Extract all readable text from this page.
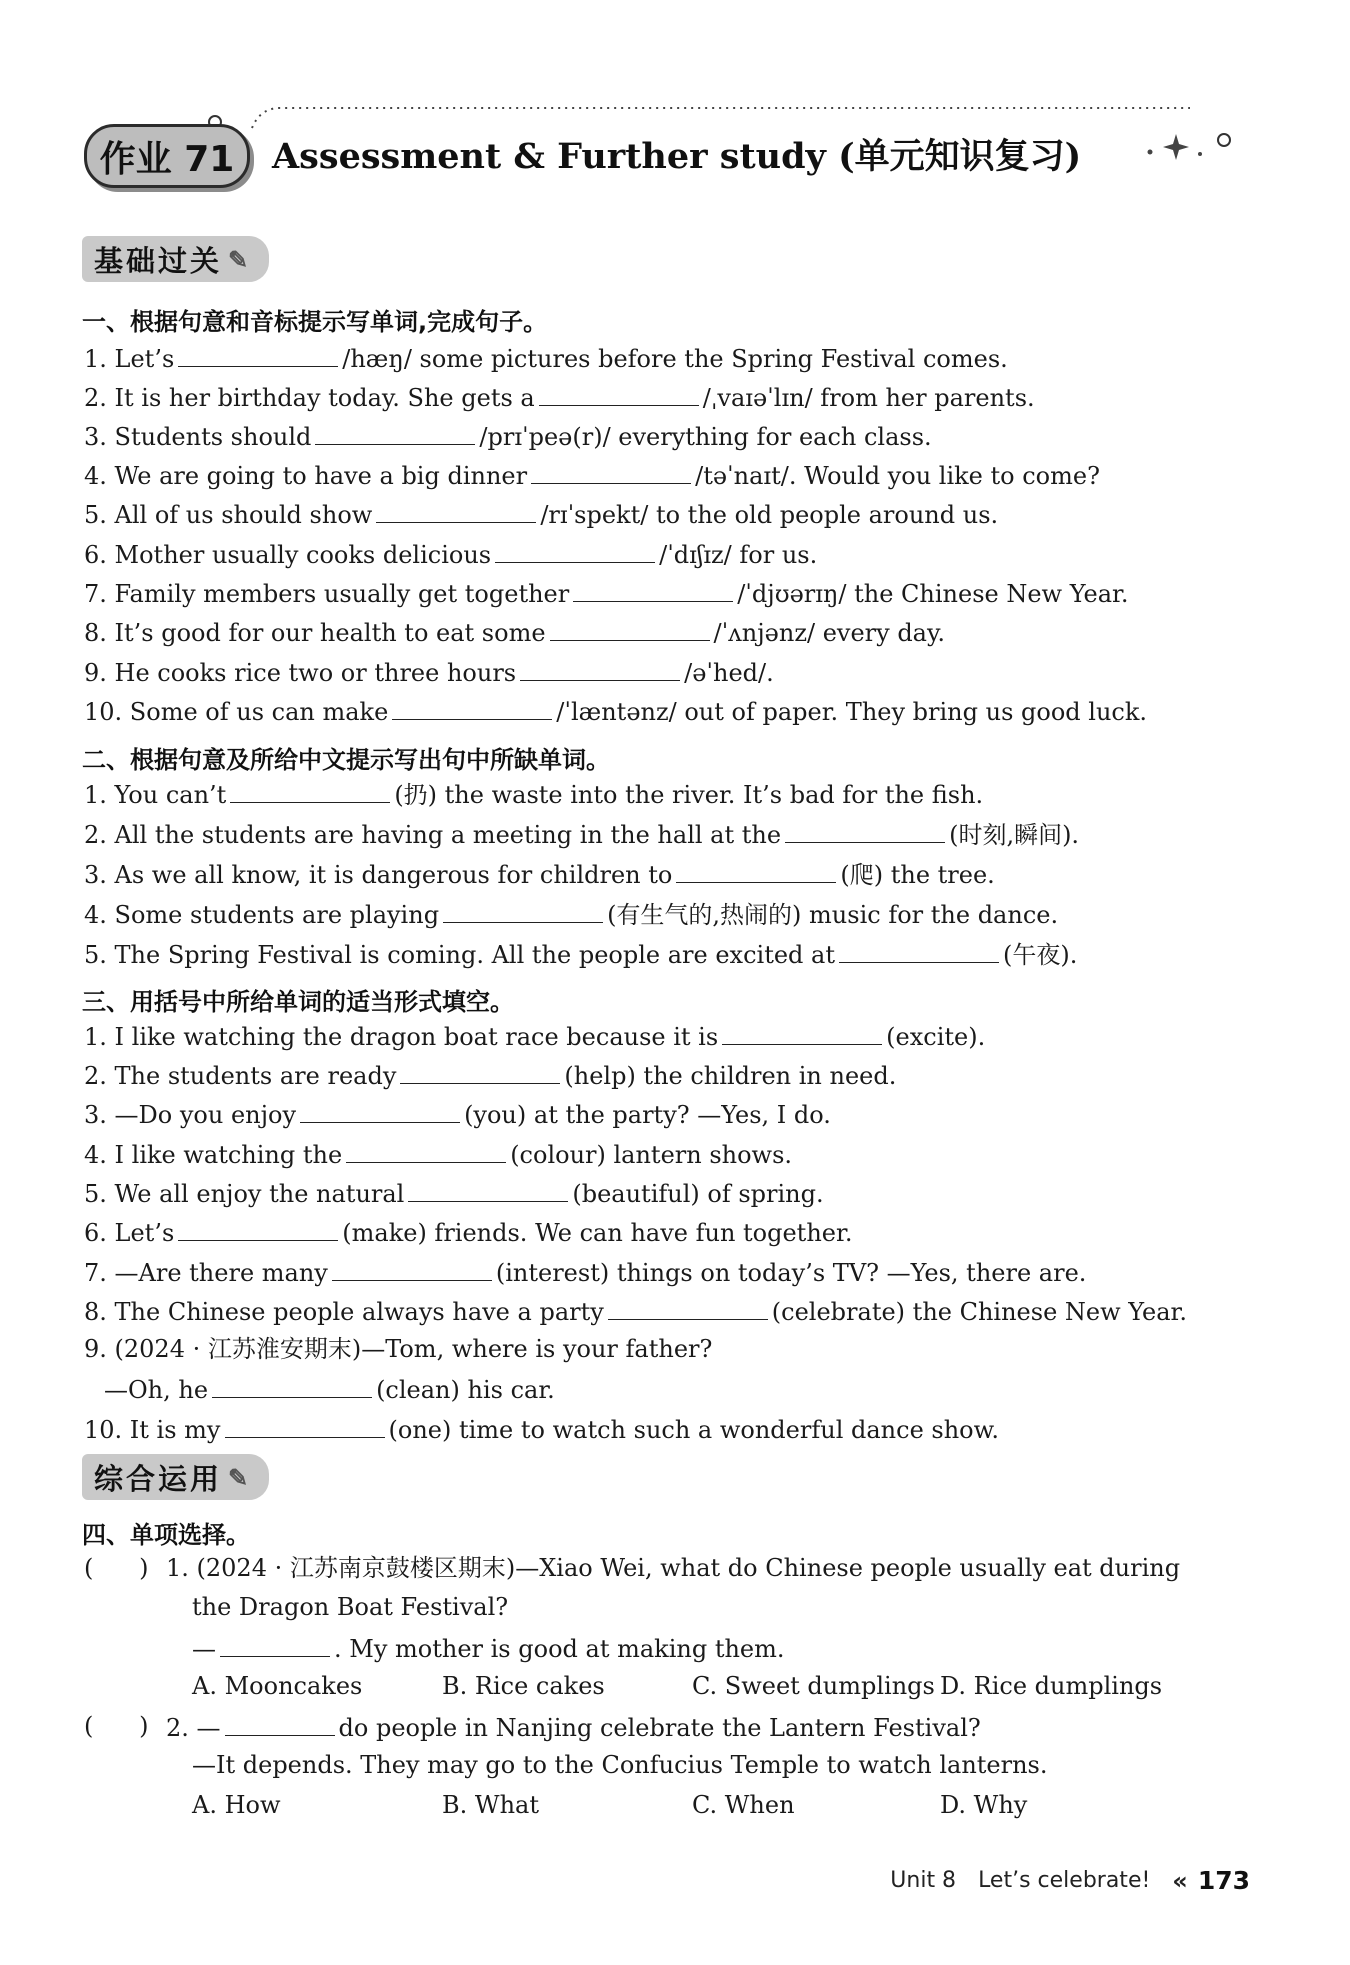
作业 71	Assessment & Further study (单元知识复习)
基础过关 ✎
一、根据句意和音标提示写单词,完成句子。
1. Let’s	/hæŋ/ some pictures before the Spring Festival comes.
2. It is her birthday today. She gets a	/ˌvaɪəˈlɪn/ from her parents.
3. Students should	/prɪˈpeə(r)/ everything for each class.
4. We are going to have a big dinner	/təˈnaɪt/. Would you like to come?
5. All of us should show	/rɪˈspekt/ to the old people around us.
6. Mother usually cooks delicious	/ˈdɪʃɪz/ for us.
7. Family members usually get together	/ˈdjʊərɪŋ/ the Chinese New Year.
8. It’s good for our health to eat some	/ˈʌnjənz/ every day.
9. He cooks rice two or three hours	/əˈhed/.
10. Some of us can make	/ˈlæntənz/ out of paper. They bring us good luck.
二、根据句意及所给中文提示写出句中所缺单词。
1. You can’t	(扔) the waste into the river. It’s bad for the fish.
2. All the students are having a meeting in the hall at the	(时刻,瞬间).
3. As we all know, it is dangerous for children to	(爬) the tree.
4. Some students are playing	(有生气的,热闹的) music for the dance.
5. The Spring Festival is coming. All the people are excited at	(午夜).
三、用括号中所给单词的适当形式填空。
1. I like watching the dragon boat race because it is	(excite).
2. The students are ready	(help) the children in need.
3. —Do you enjoy	(you) at the party? —Yes, I do.
4. I like watching the	(colour) lantern shows.
5. We all enjoy the natural	(beautiful) of spring.
6. Let’s	(make) friends. We can have fun together.
7. —Are there many	(interest) things on today’s TV? —Yes, there are.
8. The Chinese people always have a party	(celebrate) the Chinese New Year.
9. (2024 · 江苏淮安期末)—Tom, where is your father?
—Oh, he	(clean) his car.
10. It is my	(one) time to watch such a wonderful dance show.
综合运用 ✎
四、单项选择。
(      ) 1. (2024 · 江苏南京鼓楼区期末)—Xiao Wei, what do Chinese people usually eat during
the Dragon Boat Festival?
—	. My mother is good at making them.
A. Mooncakes	B. Rice cakes	C. Sweet dumplings D. Rice dumplings
(      ) 2. —	do people in Nanjing celebrate the Lantern Festival?
—It depends. They may go to the Confucius Temple to watch lanterns.
A. How	B. What	C. When	D. Why
Unit 8 Let’s celebrate! « 173
